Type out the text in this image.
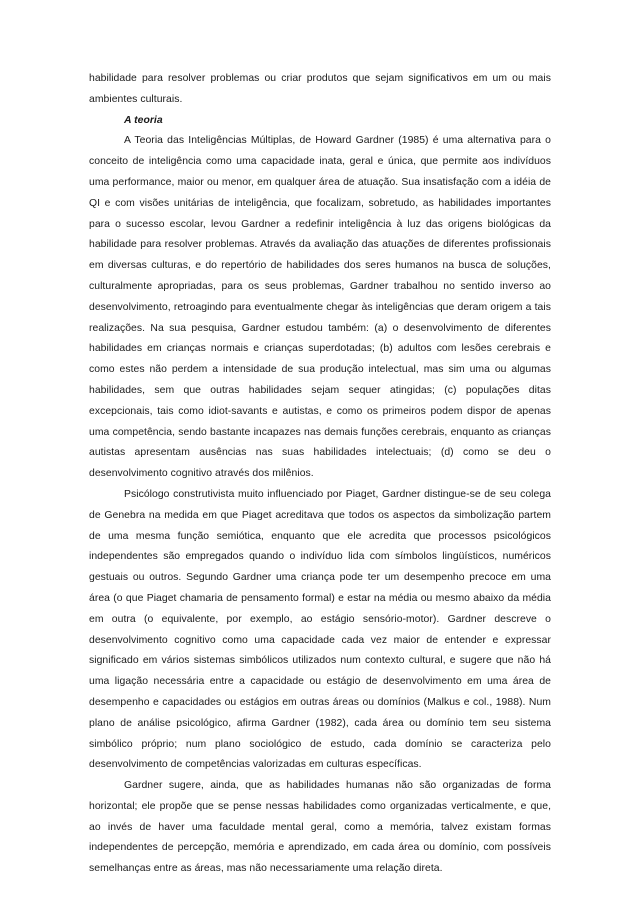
habilidade para resolver problemas ou criar produtos que sejam significativos em um ou mais ambientes culturais.

A teoria

A Teoria das Inteligências Múltiplas, de Howard Gardner (1985) é uma alternativa para o conceito de inteligência como uma capacidade inata, geral e única, que permite aos indivíduos uma performance, maior ou menor, em qualquer área de atuação. Sua insatisfação com a idéia de QI e com visões unitárias de inteligência, que focalizam, sobretudo, as habilidades importantes para o sucesso escolar, levou Gardner a redefinir inteligência à luz das origens biológicas da habilidade para resolver problemas. Através da avaliação das atuações de diferentes profissionais em diversas culturas, e do repertório de habilidades dos seres humanos na busca de soluções, culturalmente apropriadas, para os seus problemas, Gardner trabalhou no sentido inverso ao desenvolvimento, retroagindo para eventualmente chegar às inteligências que deram origem a tais realizações. Na sua pesquisa, Gardner estudou também: (a) o desenvolvimento de diferentes habilidades em crianças normais e crianças superdotadas; (b) adultos com lesões cerebrais e como estes não perdem a intensidade de sua produção intelectual, mas sim uma ou algumas habilidades, sem que outras habilidades sejam sequer atingidas; (c) populações ditas excepcionais, tais como idiot-savants e autistas, e como os primeiros podem dispor de apenas uma competência, sendo bastante incapazes nas demais funções cerebrais, enquanto as crianças autistas apresentam ausências nas suas habilidades intelectuais; (d) como se deu o desenvolvimento cognitivo através dos milênios.

Psicólogo construtivista muito influenciado por Piaget, Gardner distingue-se de seu colega de Genebra na medida em que Piaget acreditava que todos os aspectos da simbolização partem de uma mesma função semiótica, enquanto que ele acredita que processos psicológicos independentes são empregados quando o indivíduo lida com símbolos lingüísticos, numéricos gestuais ou outros. Segundo Gardner uma criança pode ter um desempenho precoce em uma área (o que Piaget chamaria de pensamento formal) e estar na média ou mesmo abaixo da média em outra (o equivalente, por exemplo, ao estágio sensório-motor). Gardner descreve o desenvolvimento cognitivo como uma capacidade cada vez maior de entender e expressar significado em vários sistemas simbólicos utilizados num contexto cultural, e sugere que não há uma ligação necessária entre a capacidade ou estágio de desenvolvimento em uma área de desempenho e capacidades ou estágios em outras áreas ou domínios (Malkus e col., 1988). Num plano de análise psicológico, afirma Gardner (1982), cada área ou domínio tem seu sistema simbólico próprio; num plano sociológico de estudo, cada domínio se caracteriza pelo desenvolvimento de competências valorizadas em culturas específicas.

Gardner sugere, ainda, que as habilidades humanas não são organizadas de forma horizontal; ele propõe que se pense nessas habilidades como organizadas verticalmente, e que, ao invés de haver uma faculdade mental geral, como a memória, talvez existam formas independentes de percepção, memória e aprendizado, em cada área ou domínio, com possíveis semelhanças entre as áreas, mas não necessariamente uma relação direta.
